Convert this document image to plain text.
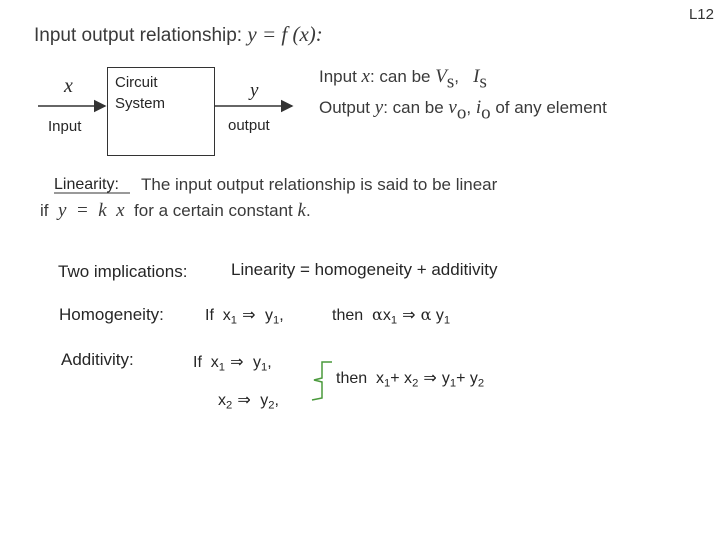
L12
Input output relationship: y = f (x):
Circuit System
x	y
Input	output
Input x: can be Vs,   Is
Output y: can be vo, io of any element
Linearity: The input output relationship is said to be linear
if  y  =  k  x  for a certain constant k.
Two implications:	Linearity = homogeneity + additivity
Homogeneity:	If  $x_1$ ⇒  $y_1$,	then  $\alpha x_1$ ⇒ α $y_1$
Additivity:	If  $x_1$ ⇒  $y_1$,
$x_2$ ⇒  $y_2$,
then  $x_1+ x_2$ ⇒ $y_1+ y_2$
